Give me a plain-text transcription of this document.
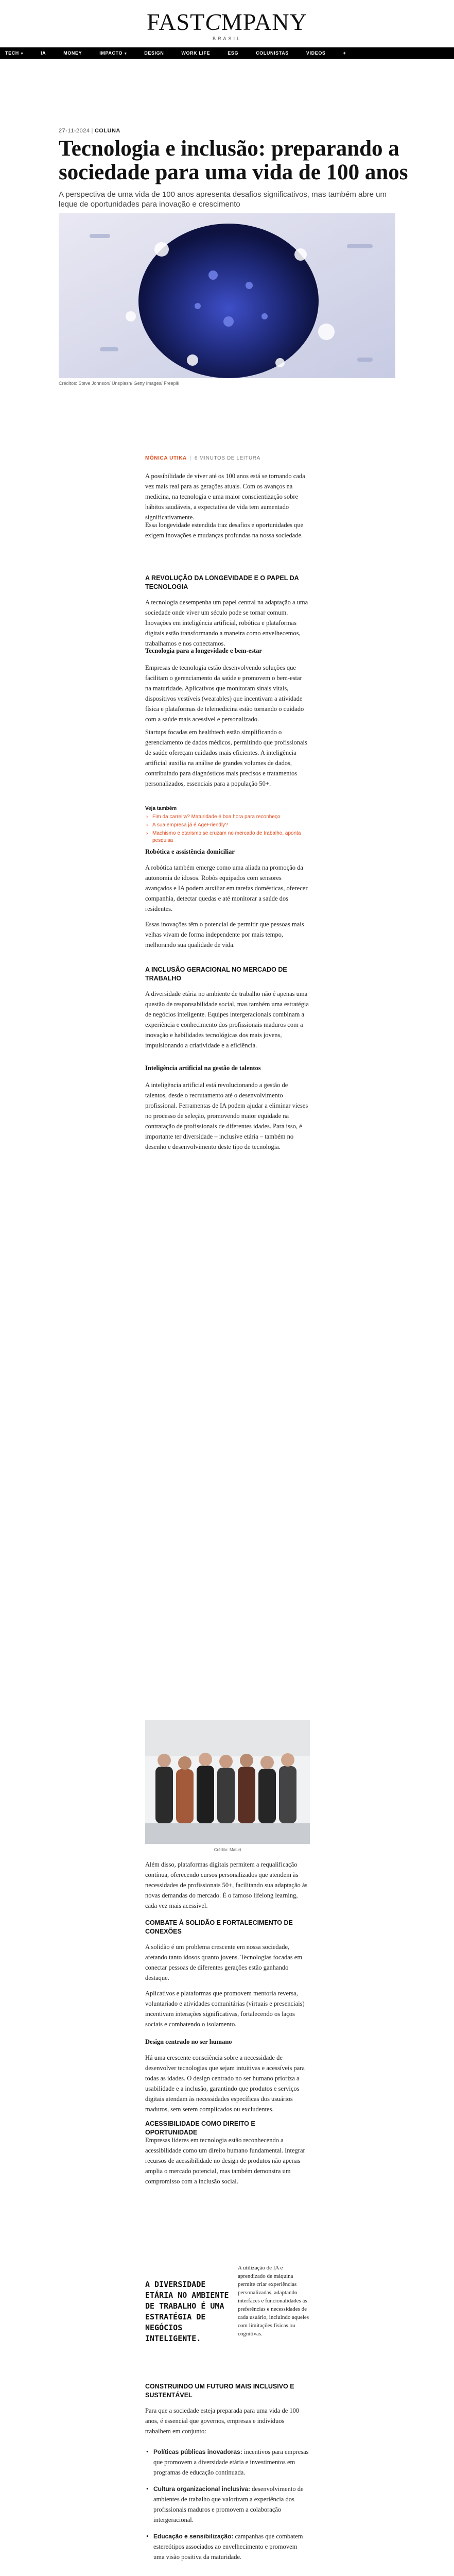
FASTCMPANY
BRASIL
TECH ▾	IA	MONEY	IMPACTO ▾	DESIGN	WORK LIFE	ESG	COLUNISTAS	VIDEOS	+
27-11-2024 | COLUNA
Tecnologia e inclusão: preparando a sociedade para uma vida de 100 anos

A perspectiva de uma vida de 100 anos apresenta desafios significativos, mas também abre um leque de oportunidades para inovação e crescimento

Créditos: Steve Johnson/ Unsplash/ Getty Images/ Freepik
MÔNICA UTIKA | 6 MINUTOS DE LEITURA

A possibilidade de viver até os 100 anos está se tornando cada vez mais real para as gerações atuais. Com os avanços na medicina, na tecnologia e uma maior conscientização sobre hábitos saudáveis, a expectativa de vida tem aumentado significativamente.

Essa longevidade estendida traz desafios e oportunidades que exigem inovações e mudanças profundas na nossa sociedade.

A REVOLUÇÃO DA LONGEVIDADE E O PAPEL DA TECNOLOGIA

A tecnologia desempenha um papel central na adaptação a uma sociedade onde viver um século pode se tornar comum. Inovações em inteligência artificial, robótica e plataformas digitais estão transformando a maneira como envelhecemos, trabalhamos e nos conectamos.

Tecnologia para a longevidade e bem-estar

Empresas de tecnologia estão desenvolvendo soluções que facilitam o gerenciamento da saúde e promovem o bem-estar na maturidade. Aplicativos que monitoram sinais vitais, dispositivos vestíveis (wearables) que incentivam a atividade física e plataformas de telemedicina estão tornando o cuidado com a saúde mais acessível e personalizado.

Startups focadas em healthtech estão simplificando o gerenciamento de dados médicos, permitindo que profissionais de saúde ofereçam cuidados mais eficientes. A inteligência artificial auxilia na análise de grandes volumes de dados, contribuindo para diagnósticos mais precisos e tratamentos personalizados, essenciais para a população 50+.

Veja também
› Fim da carreira? Maturidade é boa hora para reconheço
› A sua empresa já é AgeFriendly?
› Machismo e etarismo se cruzam no mercado de trabalho, aponta pesquisa
Robótica e assistência domiciliar

A robótica também emerge como uma aliada na promoção da autonomia de idosos. Robôs equipados com sensores avançados e IA podem auxiliar em tarefas domésticas, oferecer companhia, detectar quedas e até monitorar a saúde dos residentes.

Essas inovações têm o potencial de permitir que pessoas mais velhas vivam de forma independente por mais tempo, melhorando sua qualidade de vida.

A INCLUSÃO GERACIONAL NO MERCADO DE TRABALHO

A diversidade etária no ambiente de trabalho não é apenas uma questão de responsabilidade social, mas também uma estratégia de negócios inteligente. Equipes intergeracionais combinam a experiência e conhecimento dos profissionais maduros com a inovação e habilidades tecnológicas dos mais jovens, impulsionando a criatividade e a eficiência.

Inteligência artificial na gestão de talentos

A inteligência artificial está revolucionando a gestão de talentos, desde o recrutamento até o desenvolvimento profissional. Ferramentas de IA podem ajudar a eliminar vieses no processo de seleção, promovendo maior equidade na contratação de profissionais de diferentes idades. Para isso, é importante ter diversidade – inclusive etária – também no desenho e desenvolvimento deste tipo de tecnologia.

Crédito: Maturi

Além disso, plataformas digitais permitem a requalificação contínua, oferecendo cursos personalizados que atendem às necessidades de profissionais 50+, facilitando sua adaptação às novas demandas do mercado. É o famoso lifelong learning, cada vez mais acessível.

COMBATE À SOLIDÃO E FORTALECIMENTO DE CONEXÕES

A solidão é um problema crescente em nossa sociedade, afetando tanto idosos quanto jovens. Tecnologias focadas em conectar pessoas de diferentes gerações estão ganhando destaque.

Aplicativos e plataformas que promovem mentoria reversa, voluntariado e atividades comunitárias (virtuais e presenciais) incentivam interações significativas, fortalecendo os laços sociais e combatendo o isolamento.

Design centrado no ser humano

Há uma crescente consciência sobre a necessidade de desenvolver tecnologias que sejam intuitivas e acessíveis para todas as idades. O design centrado no ser humano prioriza a usabilidade e a inclusão, garantindo que produtos e serviços digitais atendam às necessidades específicas dos usuários maduros, sem serem complicados ou excludentes.

ACESSIBILIDADE COMO DIREITO E OPORTUNIDADE

Empresas líderes em tecnologia estão reconhecendo a acessibilidade como um direito humano fundamental. Integrar recursos de acessibilidade no design de produtos não apenas amplia o mercado potencial, mas também demonstra um compromisso com a inclusão social.

A DIVERSIDADE ETÁRIA NO AMBIENTE DE TRABALHO É UMA ESTRATÉGIA DE NEGÓCIOS INTELIGENTE.

A utilização de IA e aprendizado de máquina permite criar experiências personalizadas, adaptando interfaces e funcionalidades às preferências e necessidades de cada usuário, incluindo aqueles com limitações físicas ou cognitivas.

CONSTRUINDO UM FUTURO MAIS INCLUSIVO E SUSTENTÁVEL

Para que a sociedade esteja preparada para uma vida de 100 anos, é essencial que governos, empresas e indivíduos trabalhem em conjunto:

• Políticas públicas inovadoras: incentivos para empresas que promovem a diversidade etária e investimentos em programas de educação continuada.
• Cultura organizacional inclusiva: desenvolvimento de ambientes de trabalho que valorizam a experiência dos profissionais maduros e promovem a colaboração intergeracional.
• Educação e sensibilização: campanhas que combatem estereótipos associados ao envelhecimento e promovem uma visão positiva da maturidade.
